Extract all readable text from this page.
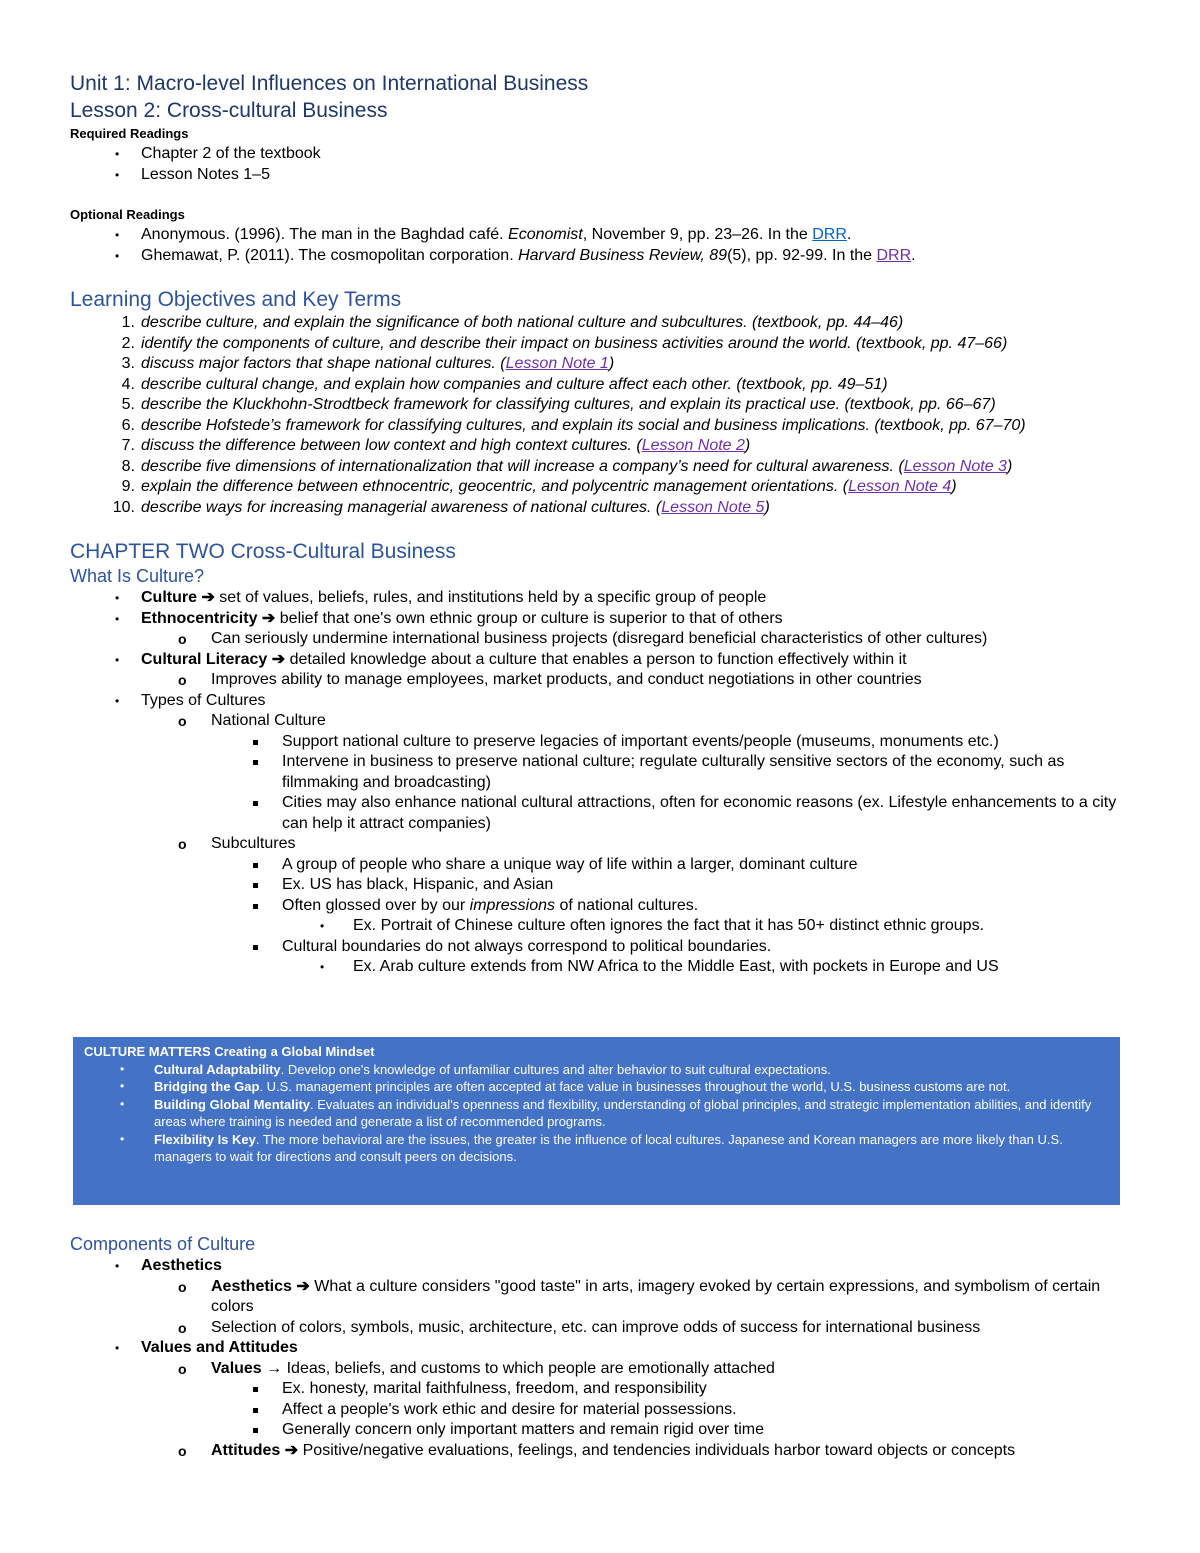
Unit 1: Macro-level Influences on International Business
Lesson 2: Cross-cultural Business
Required Readings
• Chapter 2 of the textbook
• Lesson Notes 1–5
Optional Readings
• Anonymous. (1996). The man in the Baghdad café. Economist, November 9, pp. 23–26. In the DRR.
• Ghemawat, P. (2011). The cosmopolitan corporation. Harvard Business Review, 89(5), pp. 92-99. In the DRR.
Learning Objectives and Key Terms
1. describe culture, and explain the significance of both national culture and subcultures. (textbook, pp. 44–46)
2. identify the components of culture, and describe their impact on business activities around the world. (textbook, pp. 47–66)
3. discuss major factors that shape national cultures. (Lesson Note 1)
4. describe cultural change, and explain how companies and culture affect each other. (textbook, pp. 49–51)
5. describe the Kluckhohn-Strodtbeck framework for classifying cultures, and explain its practical use. (textbook, pp. 66–67)
6. describe Hofstede’s framework for classifying cultures, and explain its social and business implications. (textbook, pp. 67–70)
7. discuss the difference between low context and high context cultures. (Lesson Note 2)
8. describe five dimensions of internationalization that will increase a company’s need for cultural awareness. (Lesson Note 3)
9. explain the difference between ethnocentric, geocentric, and polycentric management orientations. (Lesson Note 4)
10. describe ways for increasing managerial awareness of national cultures. (Lesson Note 5)
CHAPTER TWO Cross-Cultural Business
What Is Culture?
• Culture ➔ set of values, beliefs, rules, and institutions held by a specific group of people
• Ethnocentricity ➔ belief that one's own ethnic group or culture is superior to that of others
o Can seriously undermine international business projects (disregard beneficial characteristics of other cultures)
• Cultural Literacy ➔ detailed knowledge about a culture that enables a person to function effectively within it
o Improves ability to manage employees, market products, and conduct negotiations in other countries
• Types of Cultures
o National Culture
Support national culture to preserve legacies of important events/people (museums, monuments etc.)
Intervene in business to preserve national culture; regulate culturally sensitive sectors of the economy, such as filmmaking and broadcasting)
Cities may also enhance national cultural attractions, often for economic reasons (ex. Lifestyle enhancements to a city can help it attract companies)
o Subcultures
A group of people who share a unique way of life within a larger, dominant culture
Ex. US has black, Hispanic, and Asian
Often glossed over by our impressions of national cultures.
• Ex. Portrait of Chinese culture often ignores the fact that it has 50+ distinct ethnic groups.
Cultural boundaries do not always correspond to political boundaries.
• Ex. Arab culture extends from NW Africa to the Middle East, with pockets in Europe and US
CULTURE MATTERS Creating a Global Mindset
• Cultural Adaptability. Develop one's knowledge of unfamiliar cultures and alter behavior to suit cultural expectations.
• Bridging the Gap. U.S. management principles are often accepted at face value in businesses throughout the world, U.S. business customs are not.
• Building Global Mentality. Evaluates an individual's openness and flexibility, understanding of global principles, and strategic implementation abilities, and identify areas where training is needed and generate a list of recommended programs.
• Flexibility Is Key. The more behavioral are the issues, the greater is the influence of local cultures. Japanese and Korean managers are more likely than U.S. managers to wait for directions and consult peers on decisions.
Components of Culture
• Aesthetics
o Aesthetics ➔ What a culture considers "good taste" in arts, imagery evoked by certain expressions, and symbolism of certain colors
o Selection of colors, symbols, music, architecture, etc. can improve odds of success for international business
• Values and Attitudes
o Values → Ideas, beliefs, and customs to which people are emotionally attached
Ex. honesty, marital faithfulness, freedom, and responsibility
Affect a people's work ethic and desire for material possessions.
Generally concern only important matters and remain rigid over time
o Attitudes ➔ Positive/negative evaluations, feelings, and tendencies individuals harbor toward objects or concepts
